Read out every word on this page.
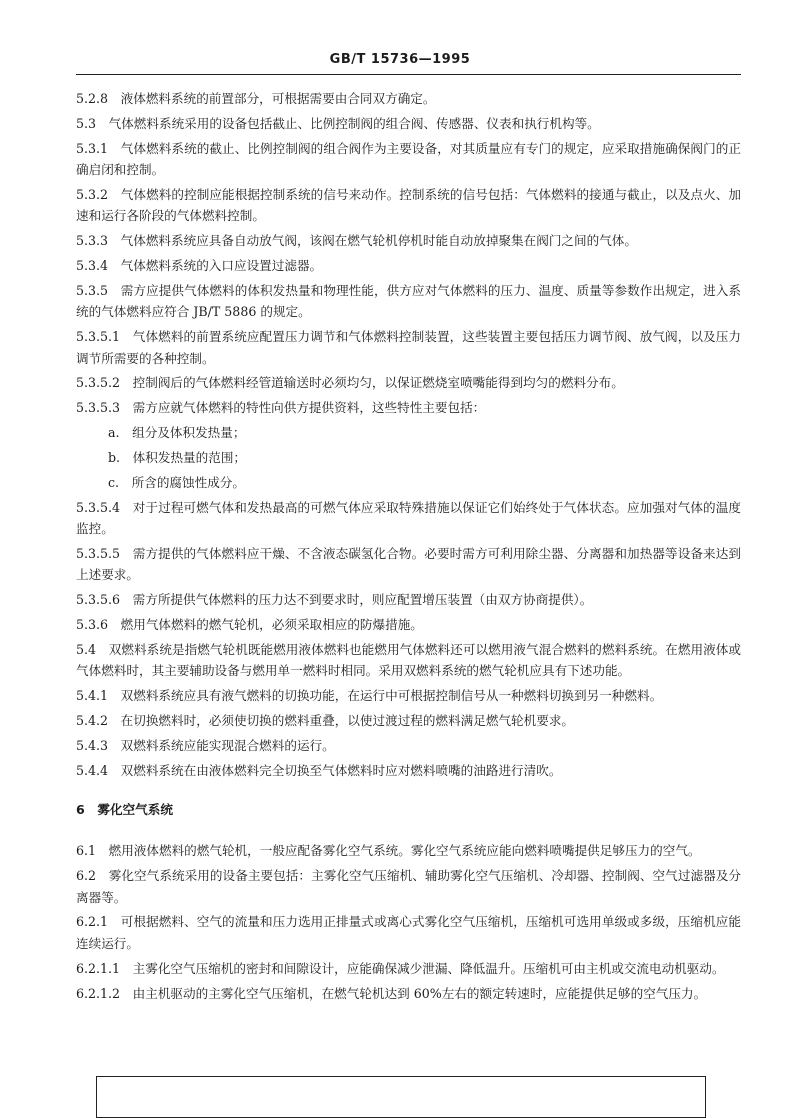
GB/T 15736—1995

5.2.8　液体燃料系统的前置部分，可根据需要由合同双方确定。

5.3　气体燃料系统采用的设备包括截止、比例控制阀的组合阀、传感器、仪表和执行机构等。

5.3.1　气体燃料系统的截止、比例控制阀的组合阀作为主要设备，对其质量应有专门的规定，应采取措施确保阀门的正确启闭和控制。

5.3.2　气体燃料的控制应能根据控制系统的信号来动作。控制系统的信号包括：气体燃料的接通与截止，以及点火、加速和运行各阶段的气体燃料控制。

5.3.3　气体燃料系统应具备自动放气阀，该阀在燃气轮机停机时能自动放掉聚集在阀门之间的气体。

5.3.4　气体燃料系统的入口应设置过滤器。

5.3.5　需方应提供气体燃料的体积发热量和物理性能，供方应对气体燃料的压力、温度、质量等参数作出规定，进入系统的气体燃料应符合 JB/T 5886 的规定。

5.3.5.1　气体燃料的前置系统应配置压力调节和气体燃料控制装置，这些装置主要包括压力调节阀、放气阀，以及压力调节所需要的各种控制。

5.3.5.2　控制阀后的气体燃料经管道输送时必须均匀，以保证燃烧室喷嘴能得到均匀的燃料分布。

5.3.5.3　需方应就气体燃料的特性向供方提供资料，这些特性主要包括：

a.　组分及体积发热量；

b.　体积发热量的范围；

c.　所含的腐蚀性成分。

5.3.5.4　对于过程可燃气体和发热最高的可燃气体应采取特殊措施以保证它们始终处于气体状态。应加强对气体的温度监控。

5.3.5.5　需方提供的气体燃料应干燥、不含液态碳氢化合物。必要时需方可利用除尘器、分离器和加热器等设备来达到上述要求。

5.3.5.6　需方所提供气体燃料的压力达不到要求时，则应配置增压装置（由双方协商提供）。

5.3.6　燃用气体燃料的燃气轮机，必须采取相应的防爆措施。

5.4　双燃料系统是指燃气轮机既能燃用液体燃料也能燃用气体燃料还可以燃用液气混合燃料的燃料系统。在燃用液体或气体燃料时，其主要辅助设备与燃用单一燃料时相同。采用双燃料系统的燃气轮机应具有下述功能。

5.4.1　双燃料系统应具有液气燃料的切换功能，在运行中可根据控制信号从一种燃料切换到另一种燃料。

5.4.2　在切换燃料时，必须使切换的燃料重叠，以使过渡过程的燃料满足燃气轮机要求。

5.4.3　双燃料系统应能实现混合燃料的运行。

5.4.4　双燃料系统在由液体燃料完全切换至气体燃料时应对燃料喷嘴的油路进行清吹。

6　雾化空气系统

6.1　燃用液体燃料的燃气轮机，一般应配备雾化空气系统。雾化空气系统应能向燃料喷嘴提供足够压力的空气。

6.2　雾化空气系统采用的设备主要包括：主雾化空气压缩机、辅助雾化空气压缩机、冷却器、控制阀、空气过滤器及分离器等。

6.2.1　可根据燃料、空气的流量和压力选用正排量式或离心式雾化空气压缩机，压缩机可选用单级或多级，压缩机应能连续运行。

6.2.1.1　主雾化空气压缩机的密封和间隙设计，应能确保减少泄漏、降低温升。压缩机可由主机或交流电动机驱动。

6.2.1.2　由主机驱动的主雾化空气压缩机，在燃气轮机达到 60%左右的额定转速时，应能提供足够的空气压力。
